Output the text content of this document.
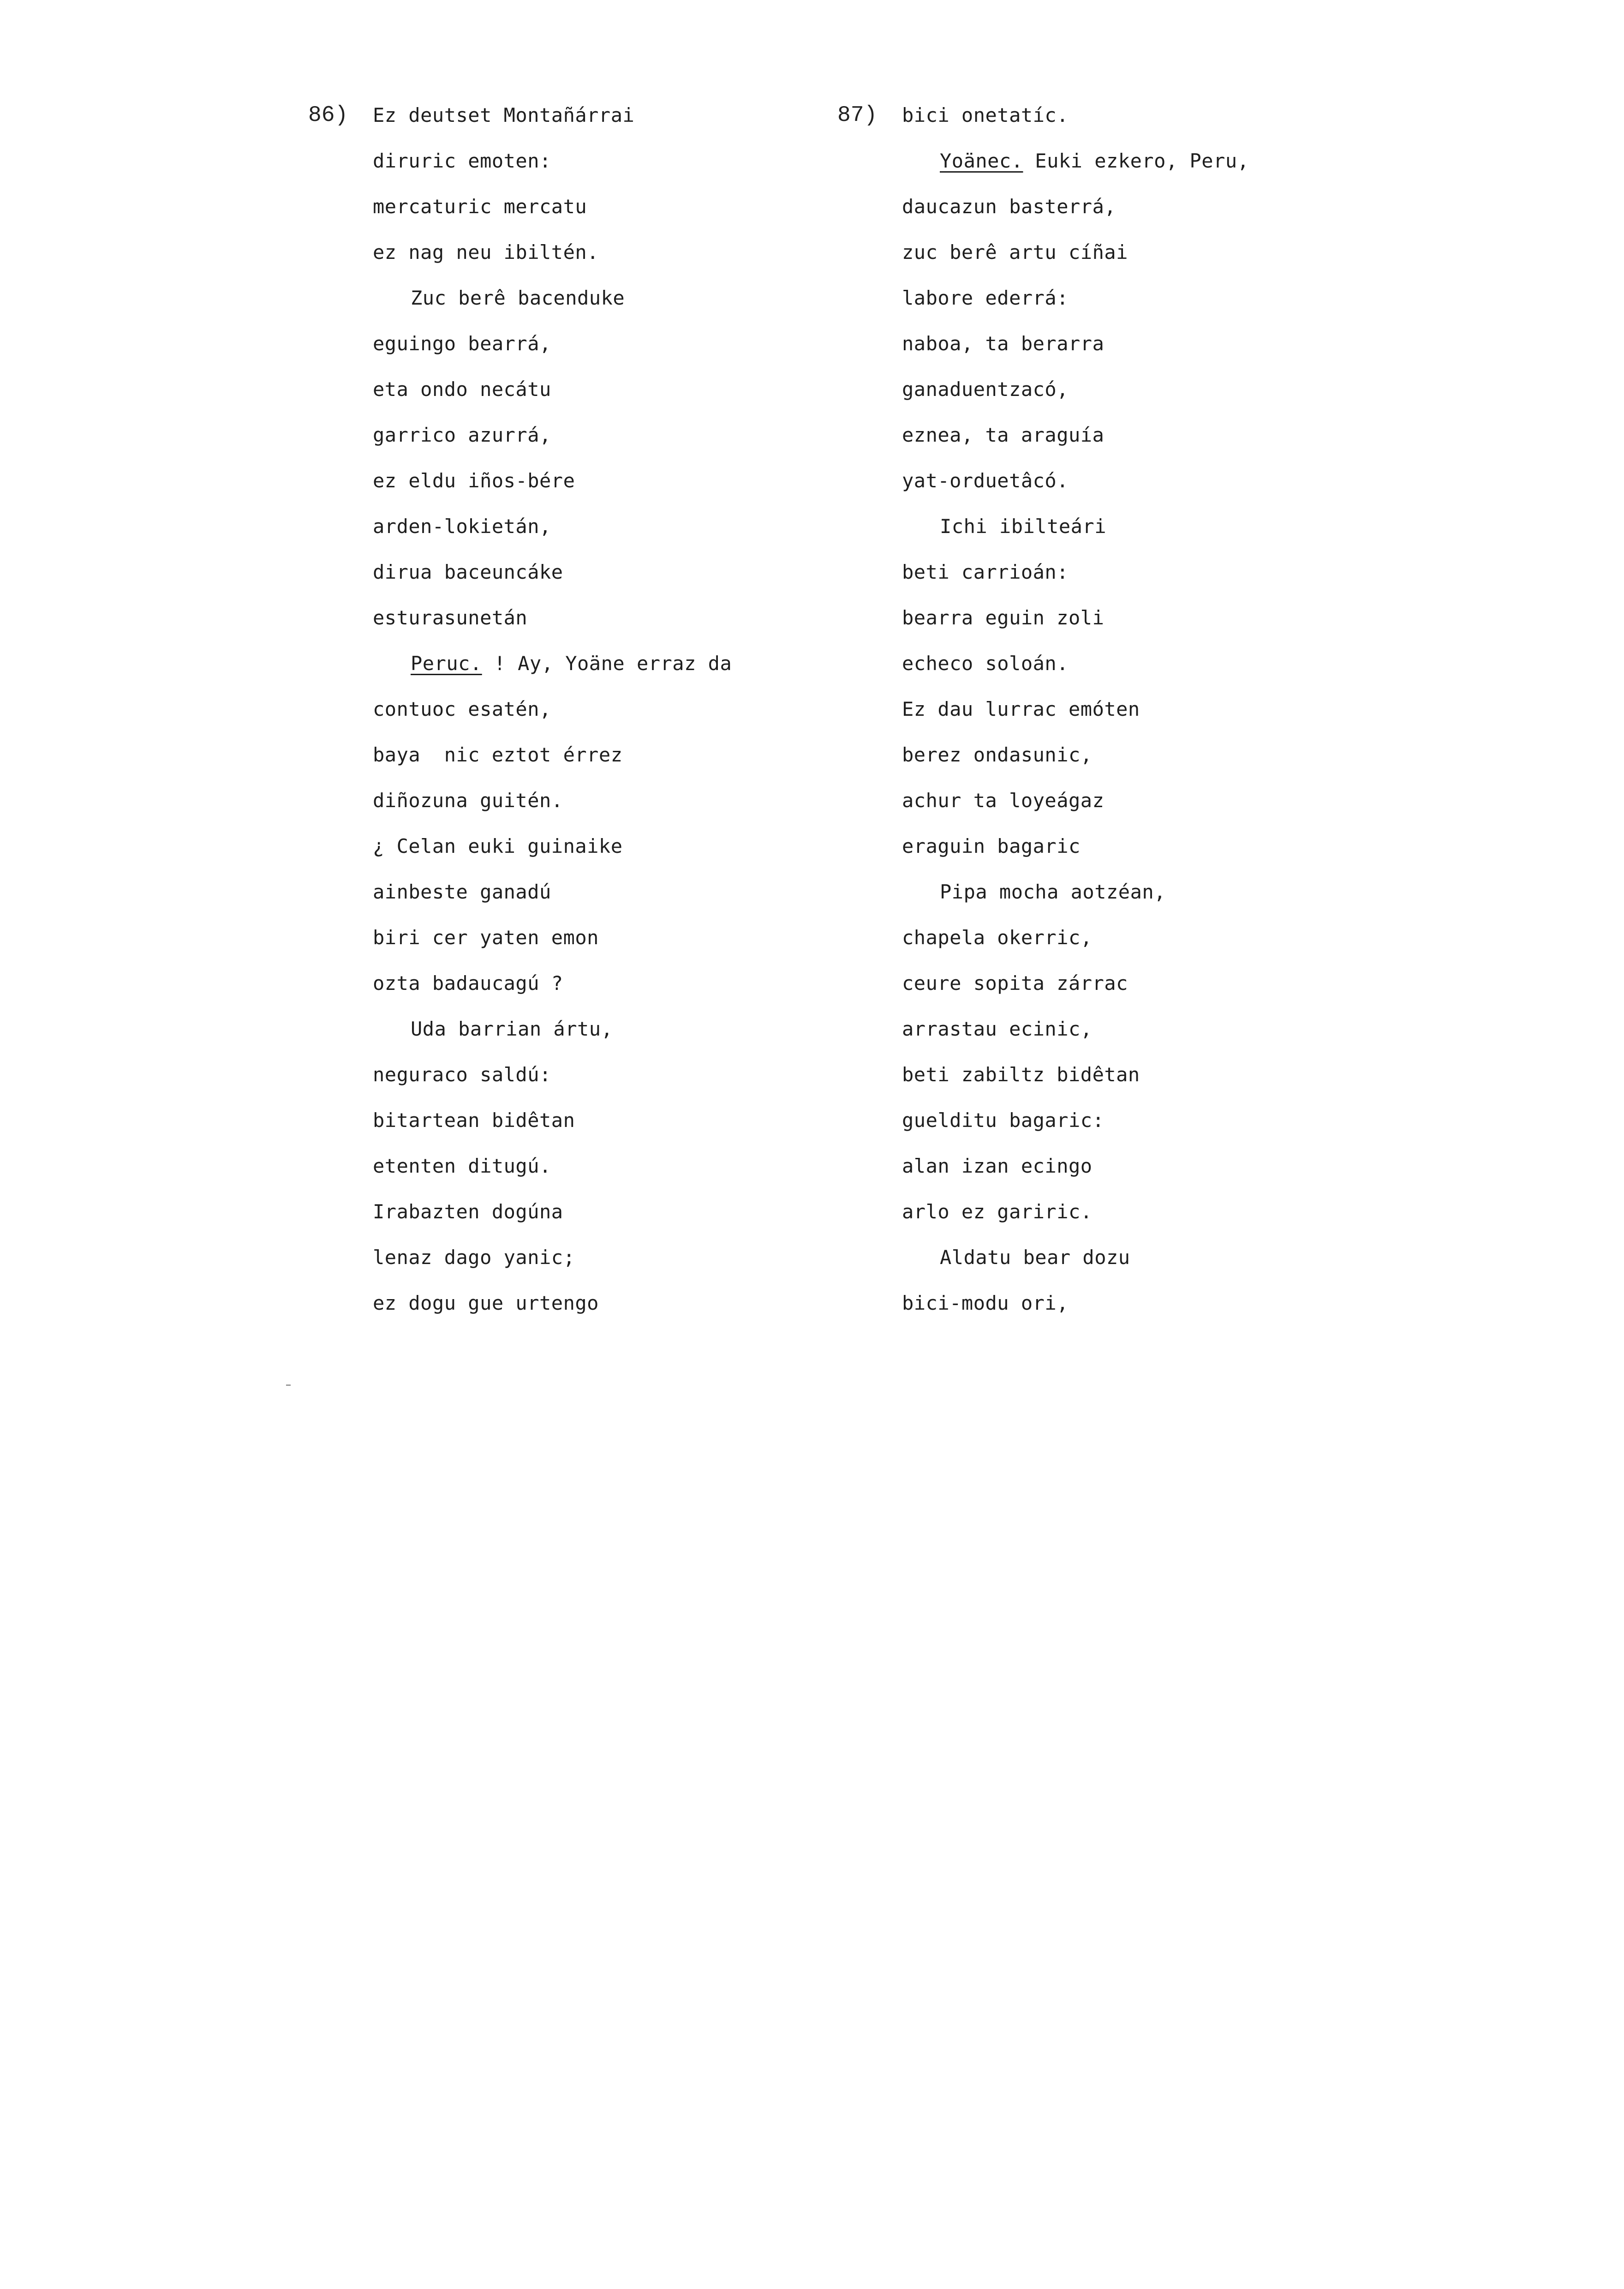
86) Ez deutset Montañárrai
diruric emoten:
mercaturic mercatu
ez nag neu ibiltén.
Zuc berê bacenduke
eguingo bearrá,
eta ondo necátu
garrico azurrá,
ez eldu iños-bére
arden-lokietán,
dirua baceuncáke
esturasunetán
Peruc. ! Ay, Yoäne erraz da
contuoc esatén,
baya  nic eztot érrez
diñozuna guitén.
¿ Celan euki guinaike
ainbeste ganadú
biri cer yaten emon
ozta badaucagú ?
Uda barrian ártu,
neguraco saldú:
bitartean bidêtan
etenten ditugú.
Irabazten dogúna
lenaz dago yanic;
ez dogu gue urtengo
87) bici onetatíc.
Yoänec. Euki ezkero, Peru,
daucazun basterrá,
zuc berê artu cíñai
labore ederrá:
naboa, ta berarra
ganaduentzacó,
eznea, ta araguía
yat-orduetâcó.
Ichi ibilteári
beti carrioán:
bearra eguin zoli
echeco soloán.
Ez dau lurrac emóten
berez ondasunic,
achur ta loyeágaz
eraguin bagaric
Pipa mocha aotzéan,
chapela okerric,
ceure sopita zárrac
arrastau ecinic,
beti zabiltz bidêtan
guelditu bagaric:
alan izan ecingo
arlo ez gariric.
Aldatu bear dozu
bici-modu ori,
